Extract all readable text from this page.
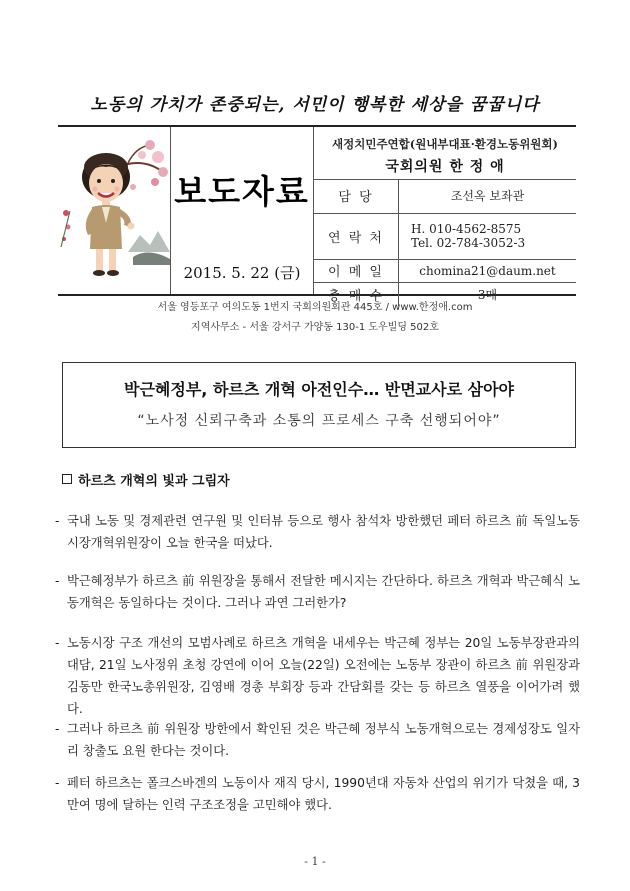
노동의 가치가 존중되는, 서민이 행복한 세상을 꿈꿉니다
보도자료
2015. 5. 22 (금)
새정치민주연합(원내부대표·환경노동위원회)
국회의원 한 정 애
담 당	조선옥 보좌관
연 락 처	H. 010-4562-8575
Tel. 02-784-3052-3

이 메 일	chomina21@daum.net
총 매 수	3매
서울 영등포구 여의도동 1번지 국회의원회관 445호 / www.한정애.com
지역사무소 - 서울 강서구 가양동 130-1 도우빌딩 502호
박근혜정부, 하르츠 개혁 아전인수… 반면교사로 삼아야
“노사정 신뢰구축과 소통의 프로세스 구축 선행되어야”
하르츠 개혁의 빛과 그림자
- 국내 노동 및 경제관련 연구원 및 인터뷰 등으로 행사 참석차 방한했던 페터 하르츠 前 독일노동시장개혁위원장이 오늘 한국을 떠났다.
- 박근혜정부가 하르츠 前 위원장을 통해서 전달한 메시지는 간단하다. 하르츠 개혁과 박근혜식 노동개혁은 동일하다는 것이다. 그러나 과연 그러한가?
- 노동시장 구조 개선의 모범사례로 하르츠 개혁을 내세우는 박근혜 정부는 20일 노동부장관과의 대담, 21일 노사정위 초청 강연에 이어 오늘(22일) 오전에는 노동부 장관이 하르츠 前 위원장과 김동만 한국노총위원장, 김영배 경총 부회장 등과 간담회를 갖는 등 하르츠 열풍을 이어가려 했다.
- 그러나 하르츠 前 위원장 방한에서 확인된 것은 박근혜 정부식 노동개혁으로는 경제성장도 일자리 창출도 요원 한다는 것이다.
- 페터 하르츠는 폴크스바겐의 노동이사 재직 당시, 1990년대 자동차 산업의 위기가 닥쳤을 때, 3만여 명에 달하는 인력 구조조정을 고민해야 했다.
- 1 -
